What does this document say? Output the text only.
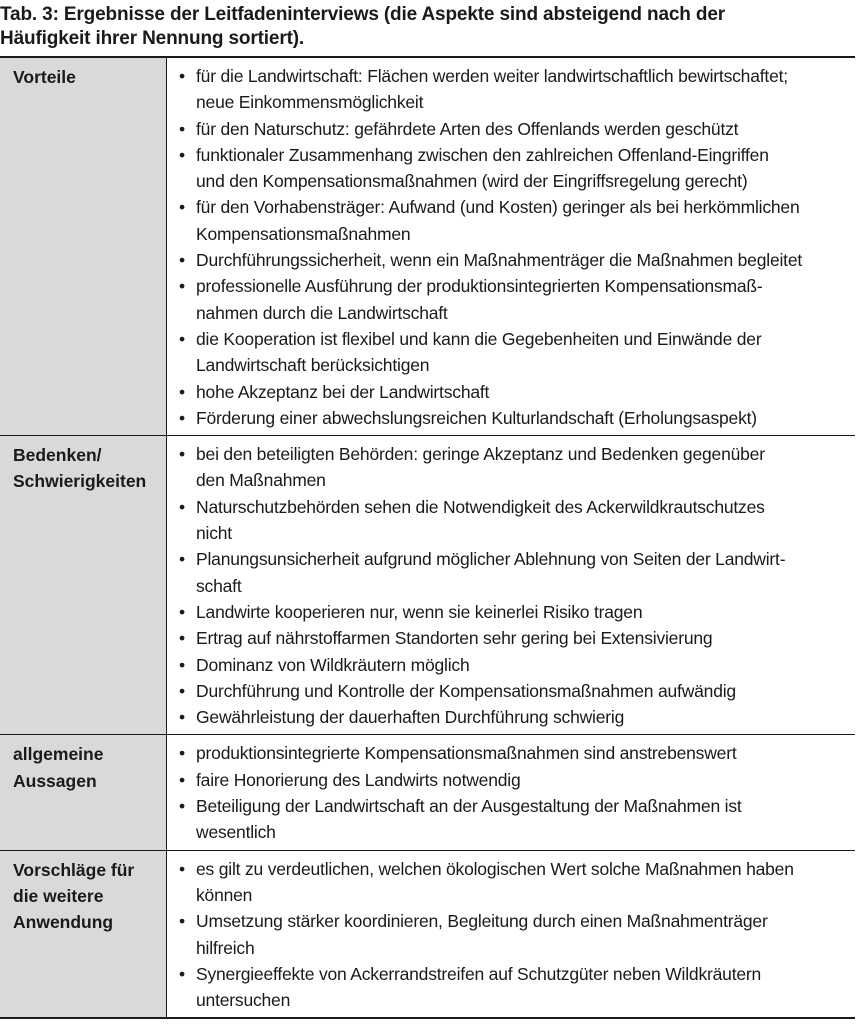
Tab. 3: Ergebnisse der Leitfadeninterviews (die Aspekte sind absteigend nach der
Häufigkeit ihrer Nennung sortiert).
Vorteile
•	für die Landwirtschaft: Flächen werden weiter landwirtschaftlich bewirtschaftet;
neue Einkommensmöglichkeit
• für den Naturschutz: gefährdete Arten des Offenlands werden geschützt
• funktionaler Zusammenhang zwischen den zahlreichen Offenland-Eingriffen
und den Kompensationsmaßnahmen (wird der Eingriffsregelung gerecht)
• für den Vorhabensträger: Aufwand (und Kosten) geringer als bei herkömmlichen
Kompensationsmaßnahmen
• Durchführungssicherheit, wenn ein Maßnahmenträger die Maßnahmen begleitet
• professionelle Ausführung der produktionsintegrierten Kompensationsmaß-
nahmen durch die Landwirtschaft
• die Kooperation ist flexibel und kann die Gegebenheiten und Einwände der
Landwirtschaft berücksichtigen
• hohe Akzeptanz bei der Landwirtschaft
• Förderung einer abwechslungsreichen Kulturlandschaft (Erholungsaspekt)
Bedenken/
Schwierigkeiten
• bei den beteiligten Behörden: geringe Akzeptanz und Bedenken gegenüber
den Maßnahmen
• Naturschutzbehörden sehen die Notwendigkeit des Ackerwildkrautschutzes
nicht
• Planungsunsicherheit aufgrund möglicher Ablehnung von Seiten der Landwirt-
schaft
• Landwirte kooperieren nur, wenn sie keinerlei Risiko tragen
• Ertrag auf nährstoffarmen Standorten sehr gering bei Extensivierung
• Dominanz von Wildkräutern möglich
• Durchführung und Kontrolle der Kompensationsmaßnahmen aufwändig
• Gewährleistung der dauerhaften Durchführung schwierig
allgemeine
Aussagen
• produktionsintegrierte Kompensationsmaßnahmen sind anstrebenswert
• faire Honorierung des Landwirts notwendig
• Beteiligung der Landwirtschaft an der Ausgestaltung der Maßnahmen ist
wesentlich
Vorschläge für
die weitere
Anwendung
• es gilt zu verdeutlichen, welchen ökologischen Wert solche Maßnahmen haben
können
• Umsetzung stärker koordinieren, Begleitung durch einen Maßnahmenträger
hilfreich
• Synergieeffekte von Ackerrandstreifen auf Schutzgüter neben Wildkräutern
untersuchen
